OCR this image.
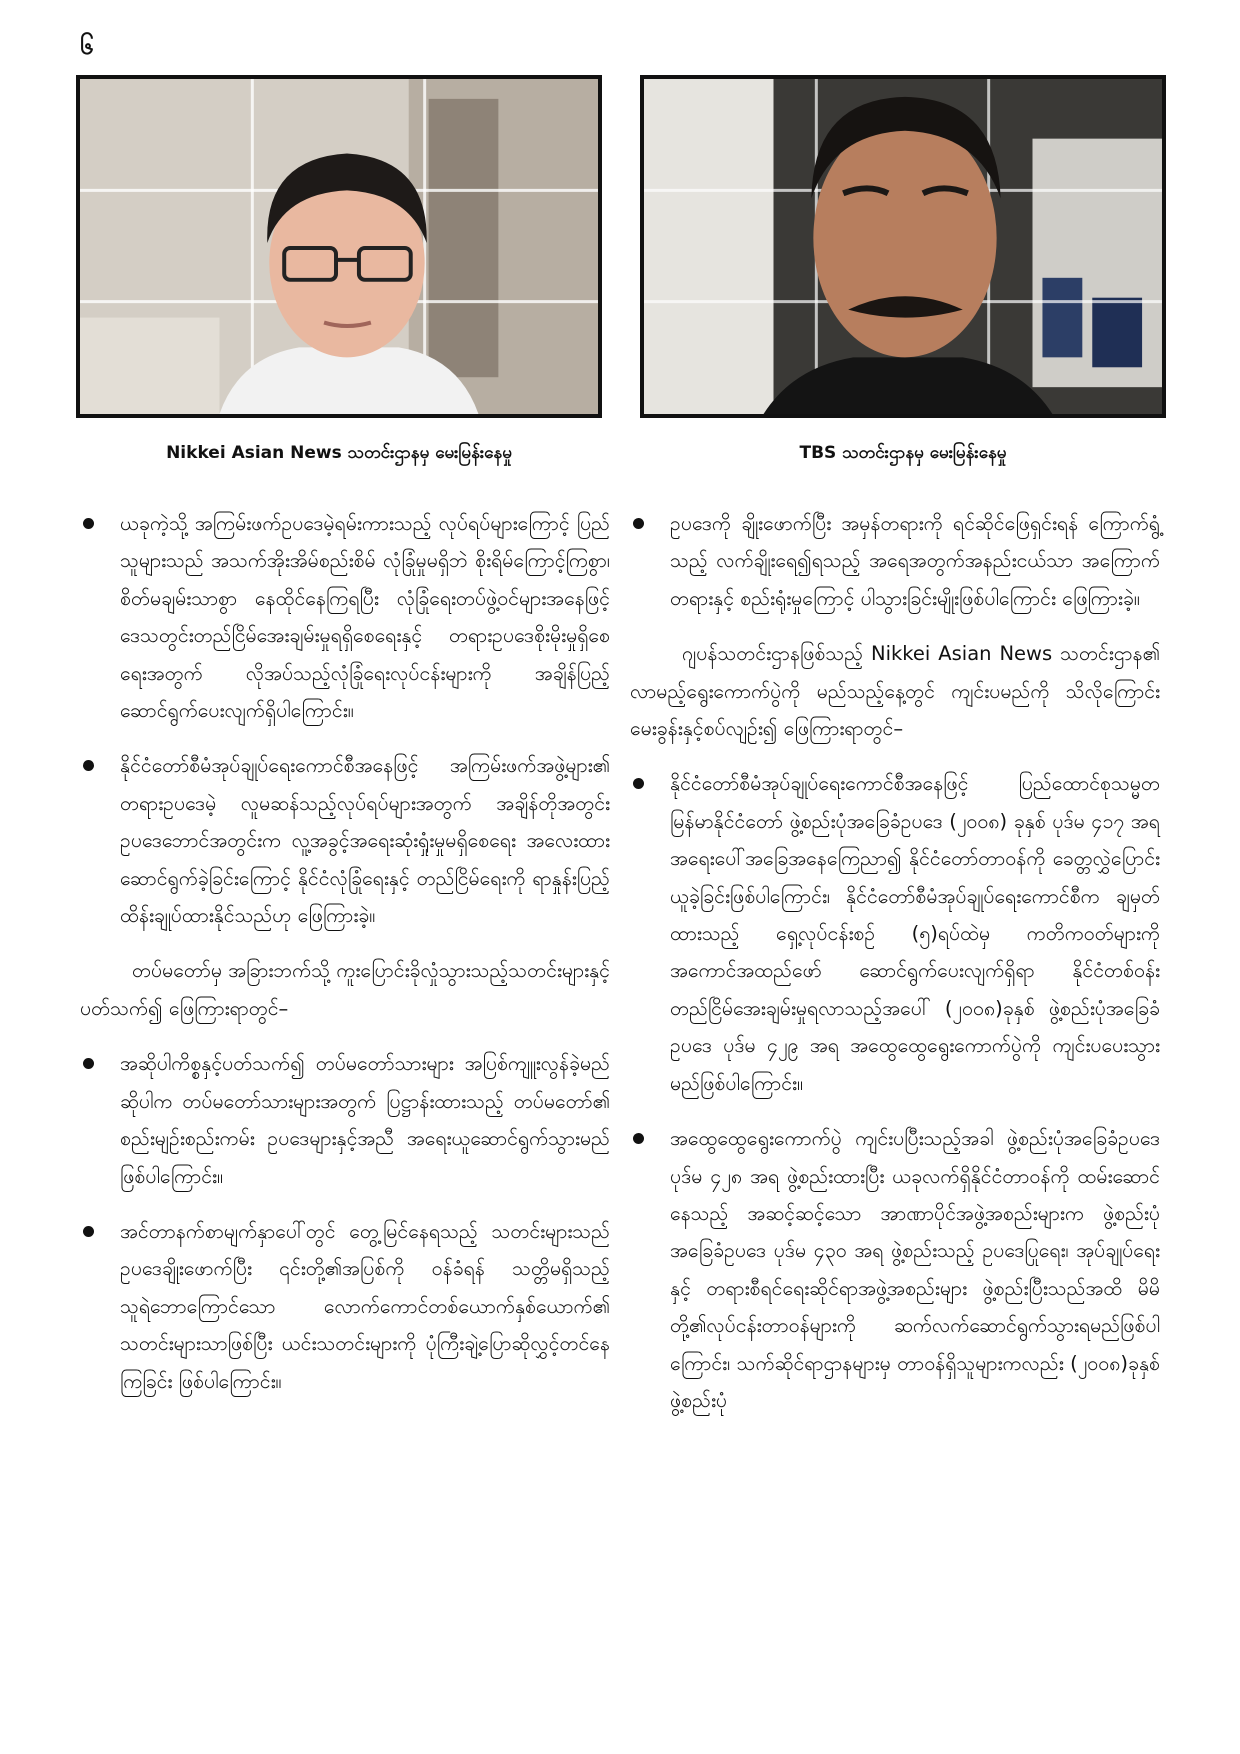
၆
Nikkei Asian News သတင်းဌာနမှ မေးမြန်းနေမှု	TBS သတင်းဌာနမှ မေးမြန်းနေမှု

ယခုကဲ့သို့ အကြမ်းဖက်ဥပဒေမဲ့ရမ်းကားသည့် လုပ်ရပ်များကြောင့် ပြည်သူများသည် အသက်အိုးအိမ်စည်းစိမ် လုံခြုံမှုမရှိဘဲ စိုးရိမ်ကြောင့်ကြစွာ၊ စိတ်မချမ်းသာစွာ နေထိုင်နေကြရပြီး လုံခြုံရေးတပ်ဖွဲ့ဝင်များအနေဖြင့် ဒေသတွင်းတည်ငြိမ်အေးချမ်းမှုရရှိစေရေးနှင့် တရားဥပဒေစိုးမိုးမှုရှိစေရေးအတွက် လိုအပ်သည့်လုံခြုံရေးလုပ်ငန်းများကို အချိန်ပြည့်ဆောင်ရွက်ပေးလျက်ရှိပါကြောင်း။

နိုင်ငံတော်စီမံအုပ်ချုပ်ရေးကောင်စီအနေဖြင့် အကြမ်းဖက်အဖွဲ့များ၏ တရားဥပဒေမဲ့ လူမဆန်သည့်လုပ်ရပ်များအတွက် အချိန်တိုအတွင်း ဥပဒေဘောင်အတွင်းက လူ့အခွင့်အရေးဆုံးရှုံးမှုမရှိစေရေး အလေးထားဆောင်ရွက်ခဲ့ခြင်းကြောင့် နိုင်ငံလုံခြုံရေးနှင့် တည်ငြိမ်ရေးကို ရာနှုန်းပြည့်ထိန်းချုပ်ထားနိုင်သည်ဟု ဖြေကြားခဲ့။

တပ်မတော်မှ အခြားဘက်သို့ ကူးပြောင်းခိုလှုံသွားသည့်သတင်းများနှင့်ပတ်သက်၍ ဖြေကြားရာတွင်–

အဆိုပါကိစ္စနှင့်ပတ်သက်၍ တပ်မတော်သားများ အပြစ်ကျူးလွန်ခဲ့မည်ဆိုပါက တပ်မတော်သားများအတွက် ပြဋ္ဌာန်းထားသည့် တပ်မတော်၏ စည်းမျဉ်းစည်းကမ်း ဥပဒေများနှင့်အညီ အရေးယူဆောင်ရွက်သွားမည်ဖြစ်ပါကြောင်း။

အင်တာနက်စာမျက်နှာပေါ်တွင် တွေ့မြင်နေရသည့် သတင်းများသည် ဥပဒေချိုးဖောက်ပြီး ၎င်းတို့၏အပြစ်ကို ဝန်ခံရန် သတ္တိမရှိသည့် သူရဲဘောကြောင်သော လောက်ကောင်တစ်ယောက်နှစ်ယောက်၏ သတင်းများသာဖြစ်ပြီး ယင်းသတင်းများကို ပုံကြီးချဲ့ပြောဆိုလွှင့်တင်နေကြခြင်း ဖြစ်ပါကြောင်း။

ဥပဒေကို ချိုးဖောက်ပြီး အမှန်တရားကို ရင်ဆိုင်ဖြေရှင်းရန် ကြောက်ရွံ့သည့် လက်ချိုးရေ၍ရသည့် အရေအတွက်အနည်းငယ်သာ အကြောက်တရားနှင့် စည်းရုံးမှုကြောင့် ပါသွားခြင်းမျိုးဖြစ်ပါကြောင်း ဖြေကြားခဲ့။

ဂျပန်သတင်းဌာနဖြစ်သည့် Nikkei Asian News သတင်းဌာန၏ လာမည့်ရွေးကောက်ပွဲကို မည်သည့်နေ့တွင် ကျင်းပမည်ကို သိလိုကြောင်း မေးခွန်းနှင့်စပ်လျဉ်း၍ ဖြေကြားရာတွင်–

နိုင်ငံတော်စီမံအုပ်ချုပ်ရေးကောင်စီအနေဖြင့် ပြည်ထောင်စုသမ္မတမြန်မာနိုင်ငံတော် ဖွဲ့စည်းပုံအခြေခံဥပဒေ (၂၀၀၈) ခုနှစ် ပုဒ်မ ၄၁၇ အရ အရေးပေါ်အခြေအနေကြေညာ၍ နိုင်ငံတော်တာဝန်ကို ခေတ္တလွှဲပြောင်းယူခဲ့ခြင်းဖြစ်ပါကြောင်း၊ နိုင်ငံတော်စီမံအုပ်ချုပ်ရေးကောင်စီက ချမှတ်ထားသည့် ရှေ့လုပ်ငန်းစဉ် (၅)ရပ်ထဲမှ ကတိကဝတ်များကို အကောင်အထည်ဖော် ဆောင်ရွက်ပေးလျက်ရှိရာ နိုင်ငံတစ်ဝန်းတည်ငြိမ်အေးချမ်းမှုရလာသည့်အပေါ် (၂၀၀၈)ခုနှစ် ဖွဲ့စည်းပုံအခြေခံဥပဒေ ပုဒ်မ ၄၂၉ အရ အထွေထွေရွေးကောက်ပွဲကို ကျင်းပပေးသွားမည်ဖြစ်ပါကြောင်း။

အထွေထွေရွေးကောက်ပွဲ ကျင်းပပြီးသည့်အခါ ဖွဲ့စည်းပုံအခြေခံဥပဒေ ပုဒ်မ ၄၂၈ အရ ဖွဲ့စည်းထားပြီး ယခုလက်ရှိနိုင်ငံတာဝန်ကို ထမ်းဆောင်နေသည့် အဆင့်ဆင့်သော အာဏာပိုင်အဖွဲ့အစည်းများက ဖွဲ့စည်းပုံအခြေခံဥပဒေ ပုဒ်မ ၄၃၀ အရ ဖွဲ့စည်းသည့် ဥပဒေပြုရေး၊ အုပ်ချုပ်ရေးနှင့် တရားစီရင်ရေးဆိုင်ရာအဖွဲ့အစည်းများ ဖွဲ့စည်းပြီးသည်အထိ မိမိတို့၏လုပ်ငန်းတာဝန်များကို ဆက်လက်ဆောင်ရွက်သွားရမည်ဖြစ်ပါကြောင်း၊ သက်ဆိုင်ရာဌာနများမှ တာဝန်ရှိသူများကလည်း (၂၀၀၈)ခုနှစ် ဖွဲ့စည်းပုံ
